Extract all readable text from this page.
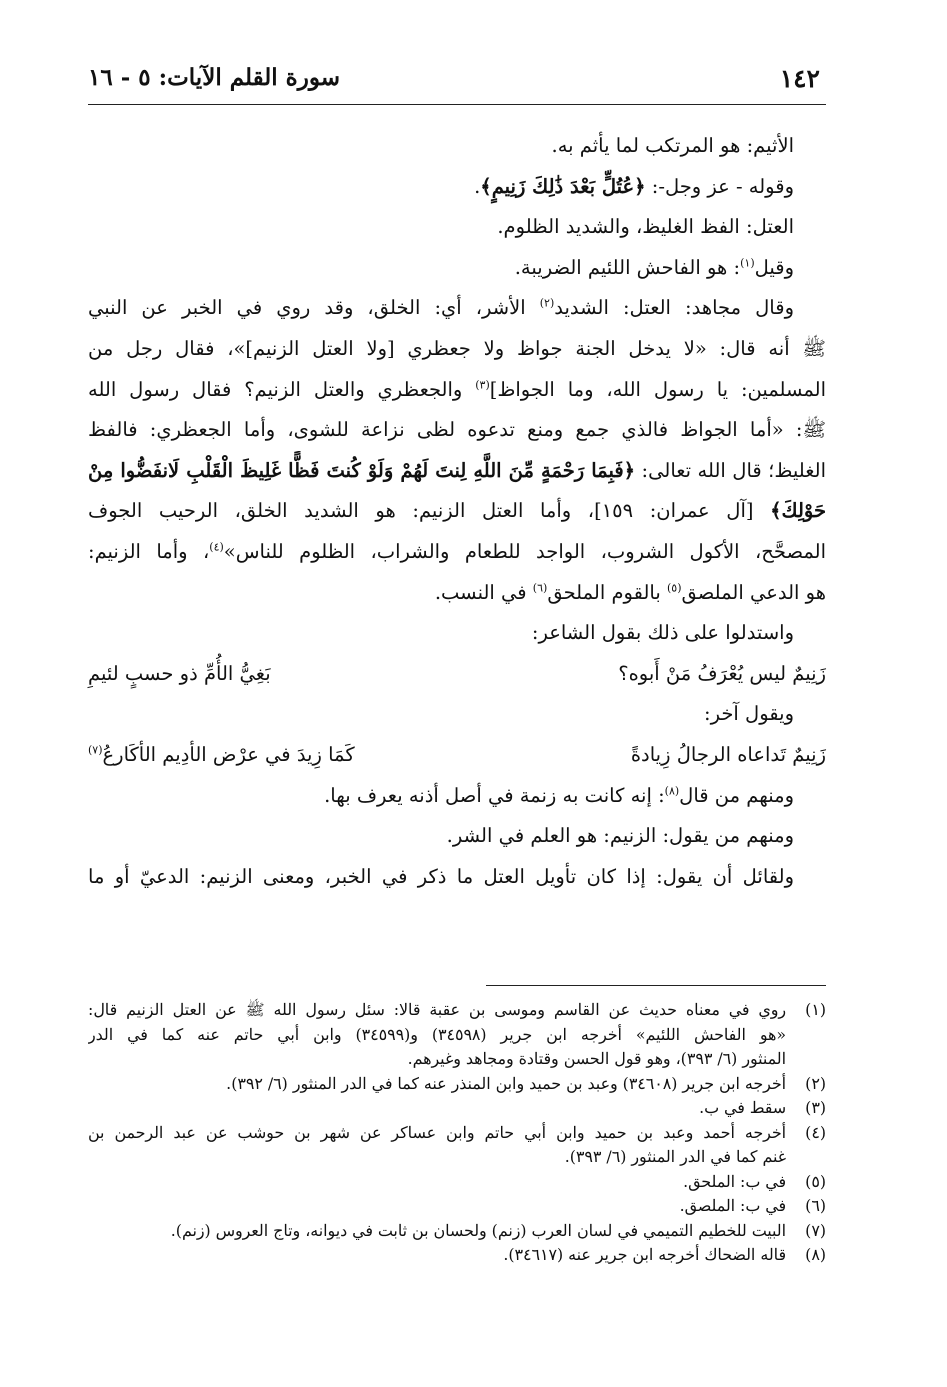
١٤٢
سورة القلم الآيات: ٥ - ١٦
الأثيم: هو المرتكب لما يأثم به.
وقوله - عز وجل-: ﴿عُتُلٍّ بَعْدَ ذَٰلِكَ زَنِيمٍ﴾.
العتل: الفظ الغليظ، والشديد الظلوم.
وقيل$^{(١)}$: هو الفاحش اللئيم الضريبة.
وقال مجاهد: العتل: الشديد$^{(٢)}$ الأشر، أي: الخلق، وقد روي في الخبر عن النبي
ﷺ أنه قال: «لا يدخل الجنة جواظ ولا جعظري [ولا العتل الزنيم]»، فقال رجل من
المسلمين: يا رسول الله، وما الجواظ]$^{(٣)}$ والجعظري والعتل الزنيم؟ فقال رسول الله
ﷺ: «أما الجواظ فالذي جمع ومنع تدعوه لظى نزاعة للشوى، وأما الجعظري: فالفظ
الغليظ؛ قال الله تعالى: ﴿فَبِمَا رَحْمَةٍ مِّنَ اللَّهِ لِنتَ لَهُمْ وَلَوْ كُنتَ فَظًّا غَلِيظَ الْقَلْبِ لَانفَضُّوا مِنْ
حَوْلِكَ﴾ [آل عمران: ١٥٩]، وأما العتل الزنيم: هو الشديد الخلق، الرحيب الجوف
المصحَّح، الأكول الشروب، الواجد للطعام والشراب، الظلوم للناس»$^{(٤)}$، وأما الزنيم:
هو الدعي الملصق$^{(٥)}$ بالقوم الملحق$^{(٦)}$ في النسب.
واستدلوا على ذلك بقول الشاعر:
زَنِيمٌ ليس يُعْرَفُ مَنْ أَبوه؟
بَغِيُّ الأُمِّ ذو حسبٍ لئيمِ
ويقول آخر:
زَنِيمٌ تَداعاه الرجالُ زِيادةً
كَمَا زِيدَ في عرْض الأدِيم الأكَارعُ$^{(٧)}$
ومنهم من قال$^{(٨)}$: إنه كانت به زنمة في أصل أذنه يعرف بها.
ومنهم من يقول: الزنيم: هو العلم في الشر.
ولقائل أن يقول: إذا كان تأويل العتل ما ذكر في الخبر، ومعنى الزنيم: الدعيّ أو ما
(١)
روي في معناه حديث عن القاسم وموسى بن عقبة قالا: سئل رسول الله ﷺ عن العتل الزنيم قال:
«هو الفاحش اللئيم» أخرجه ابن جرير (٣٤٥٩٨) و(٣٤٥٩٩) وابن أبي حاتم عنه كما في الدر
المنثور (٦/ ٣٩٣)، وهو قول الحسن وقتادة ومجاهد وغيرهم.
(٢)
أخرجه ابن جرير (٣٤٦٠٨) وعبد بن حميد وابن المنذر عنه كما في الدر المنثور (٦/ ٣٩٢).
(٣)
سقط في ب.
(٤)
أخرجه أحمد وعبد بن حميد وابن أبي حاتم وابن عساكر عن شهر بن حوشب عن عبد الرحمن بن
غنم كما في الدر المنثور (٦/ ٣٩٣).
(٥)
في ب: الملحق.
(٦)
في ب: الملصق.
(٧)
البيت للخطيم التميمي في لسان العرب (زنم) ولحسان بن ثابت في ديوانه، وتاج العروس (زنم).
(٨)
قاله الضحاك أخرجه ابن جرير عنه (٣٤٦١٧).
